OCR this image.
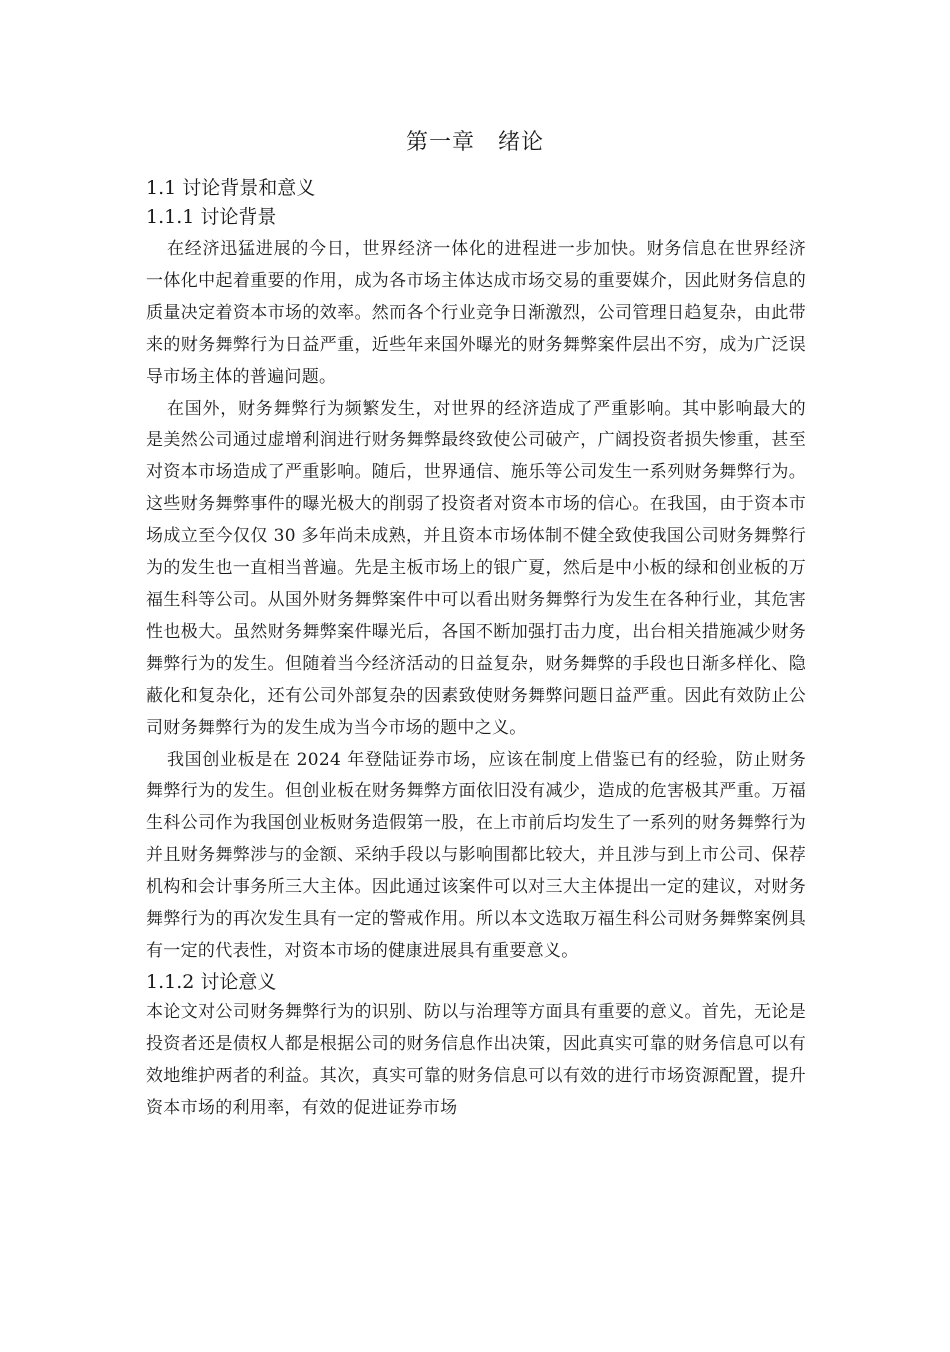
第一章　绪论
1.1 讨论背景和意义
1.1.1 讨论背景

在经济迅猛进展的今日，世界经济一体化的进程进一步加快。财务信息在世界经济一体化中起着重要的作用，成为各市场主体达成市场交易的重要媒介，因此财务信息的质量决定着资本市场的效率。然而各个行业竞争日渐激烈，公司管理日趋复杂，由此带来的财务舞弊行为日益严重，近些年来国外曝光的财务舞弊案件层出不穷，成为广泛误导市场主体的普遍问题。

在国外，财务舞弊行为频繁发生，对世界的经济造成了严重影响。其中影响最大的是美然公司通过虚增利润进行财务舞弊最终致使公司破产，广阔投资者损失惨重，甚至对资本市场造成了严重影响。随后，世界通信、施乐等公司发生一系列财务舞弊行为。这些财务舞弊事件的曝光极大的削弱了投资者对资本市场的信心。在我国，由于资本市场成立至今仅仅 30 多年尚未成熟，并且资本市场体制不健全致使我国公司财务舞弊行为的发生也一直相当普遍。先是主板市场上的银广夏，然后是中小板的绿和创业板的万福生科等公司。从国外财务舞弊案件中可以看出财务舞弊行为发生在各种行业，其危害性也极大。虽然财务舞弊案件曝光后，各国不断加强打击力度，出台相关措施减少财务舞弊行为的发生。但随着当今经济活动的日益复杂，财务舞弊的手段也日渐多样化、隐蔽化和复杂化，还有公司外部复杂的因素致使财务舞弊问题日益严重。因此有效防止公司财务舞弊行为的发生成为当今市场的题中之义。

我国创业板是在 2024 年登陆证券市场，应该在制度上借鉴已有的经验，防止财务舞弊行为的发生。但创业板在财务舞弊方面依旧没有减少，造成的危害极其严重。万福生科公司作为我国创业板财务造假第一股，在上市前后均发生了一系列的财务舞弊行为并且财务舞弊涉与的金额、采纳手段以与影响围都比较大，并且涉与到上市公司、保荐机构和会计事务所三大主体。因此通过该案件可以对三大主体提出一定的建议，对财务舞弊行为的再次发生具有一定的警戒作用。所以本文选取万福生科公司财务舞弊案例具有一定的代表性，对资本市场的健康进展具有重要意义。

1.1.2 讨论意义

本论文对公司财务舞弊行为的识别、防以与治理等方面具有重要的意义。首先，无论是投资者还是债权人都是根据公司的财务信息作出决策，因此真实可靠的财务信息可以有效地维护两者的利益。其次，真实可靠的财务信息可以有效的进行市场资源配置，提升资本市场的利用率，有效的促进证券市场
